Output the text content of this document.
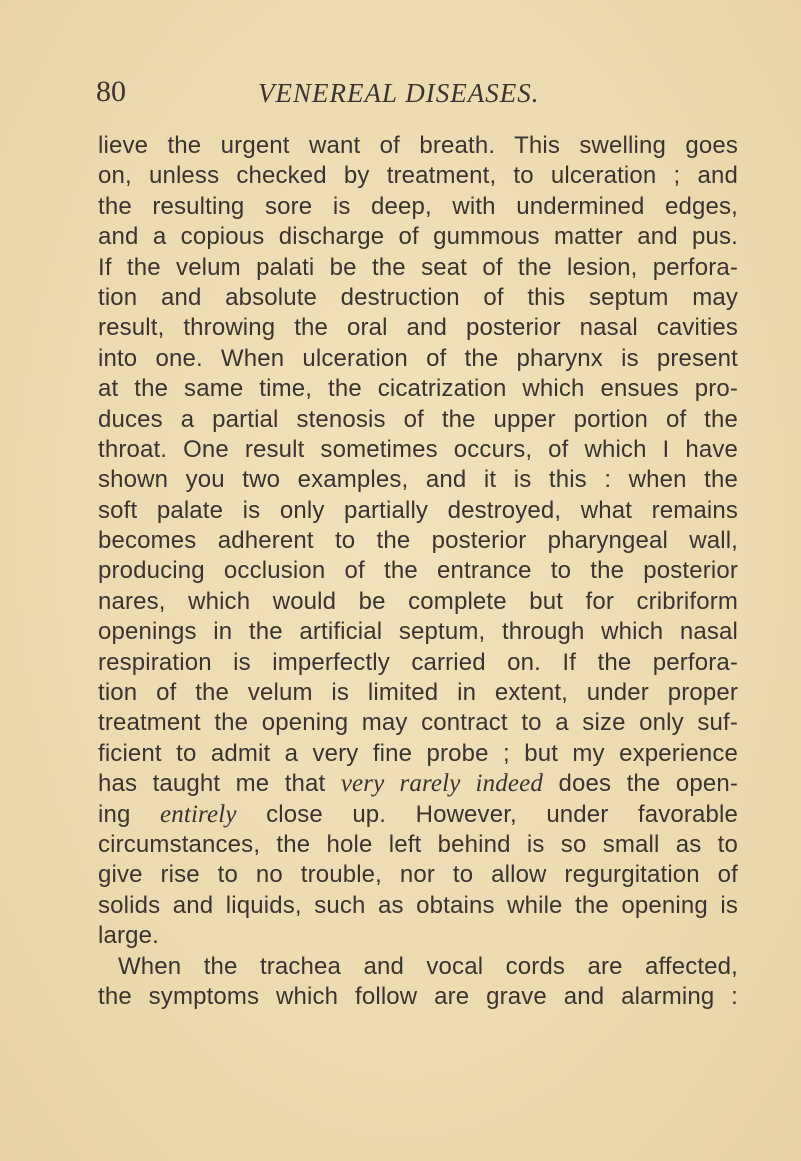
80	VENEREAL DISEASES.
lieve the urgent want of breath. This swelling goes
on, unless checked by treatment, to ulceration ; and
the resulting sore is deep, with undermined edges,
and a copious discharge of gummous matter and pus.
If the velum palati be the seat of the lesion, perfora-
tion and absolute destruction of this septum may
result, throwing the oral and posterior nasal cavities
into one. When ulceration of the pharynx is present
at the same time, the cicatrization which ensues pro-
duces a partial stenosis of the upper portion of the
throat. One result sometimes occurs, of which I have
shown you two examples, and it is this : when the
soft palate is only partially destroyed, what remains
becomes adherent to the posterior pharyngeal wall,
producing occlusion of the entrance to the posterior
nares, which would be complete but for cribriform
openings in the artificial septum, through which nasal
respiration is imperfectly carried on. If the perfora-
tion of the velum is limited in extent, under proper
treatment the opening may contract to a size only suf-
ficient to admit a very fine probe ; but my experience
has taught me that very rarely indeed does the open-
ing entirely close up. However, under favorable
circumstances, the hole left behind is so small as to
give rise to no trouble, nor to allow regurgitation of
solids and liquids, such as obtains while the opening is
large.
When the trachea and vocal cords are affected,
the symptoms which follow are grave and alarming :
